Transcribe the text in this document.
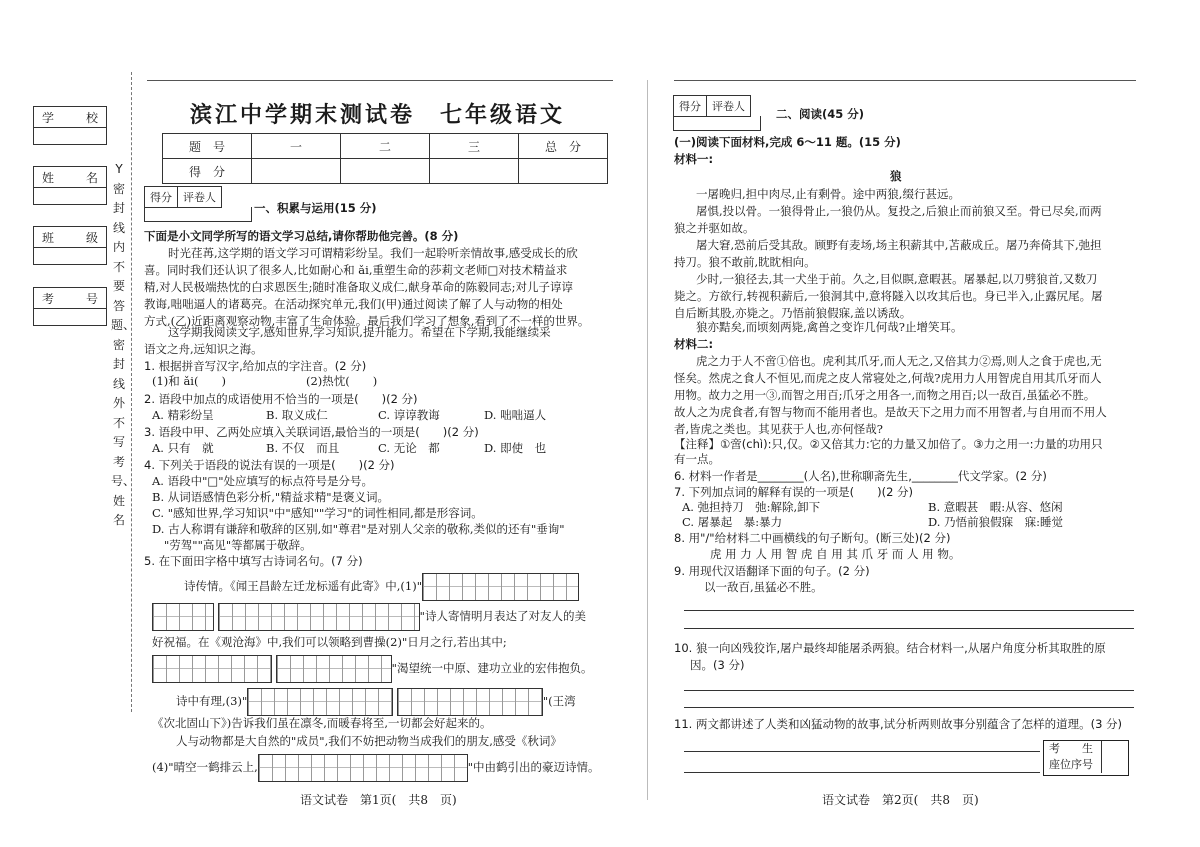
学	校
姓	名
班	级
考	号
Y密封线内不要答题、密封线外不写考号、姓名
滨江中学期末测试卷　七年级语文
题　号	一	二	三	总　分
得　分				
得分 评卷人
一、积累与运用(15 分)
下面是小文同学所写的语文学习总结,请你帮助他完善。(8 分)
时光荏苒,这学期的语文学习可谓精彩纷呈。我们一起聆听亲情故事,感受成长的欣
喜。同时我们还认识了很多人,比如耐心和 ǎi,重塑生命的莎莉文老师□对技术精益求
精,对人民极端热忱的白求恩医生;随时准备取义成仁,献身革命的陈毅同志;对儿子谆谆
教诲,咄咄逼人的诸葛亮。在活动探究单元,我们(甲)通过阅读了解了人与动物的相处
方式,(乙)近距离观察动物,丰富了生命体验。最后我们学习了想象,看到了不一样的世界。
这学期我阅读文字,感知世界,学习知识,提升能力。希望在下学期,我能继续采
语文之舟,远知识之海。
1. 根据拼音写汉字,给加点的字注音。(2 分)
(1)和 ǎi(　　)	(2)热忱(　　)
2. 语段中加点的成语使用不恰当的一项是(　　)(2 分)
A. 精彩纷呈	B. 取义成仁	C. 谆谆教诲	D. 咄咄逼人
3. 语段中甲、乙两处应填入关联词语,最恰当的一项是(　　)(2 分)
A. 只有　就	B. 不仅　而且	C. 无论　都	D. 即使　也
4. 下列关于语段的说法有误的一项是(　　)(2 分)
A. 语段中"□"处应填写的标点符号是分号。
B. 从词语感情色彩分析,"精益求精"是褒义词。
C. "感知世界,学习知识"中"感知""学习"的词性相同,都是形容词。
D. 古人称谓有谦辞和敬辞的区别,如"尊君"是对别人父亲的敬称,类似的还有"垂询"
"劳驾""高见"等都属于敬辞。
5. 在下面田字格中填写古诗词名句。(7 分)
诗传情。《闻王昌龄左迁龙标遥有此寄》中,(1)"
"诗人寄情明月表达了对友人的美
好祝福。在《观沧海》中,我们可以领略到曹操(2)"日月之行,若出其中;
"渴望统一中原、建功立业的宏伟抱负。
诗中有理,(3)"	"(王湾
《次北固山下》)告诉我们虽在凛冬,而暖春将至,一切都会好起来的。
人与动物都是大自然的"成员",我们不妨把动物当成我们的朋友,感受《秋词》
(4)"晴空一鹤排云上,	"中由鹤引出的豪迈诗情。
语文试卷　第1页(　共8　页)
得分 评卷人
二、阅读(45 分)
(一)阅读下面材料,完成 6～11 题。(15 分)
材料一:
狼
一屠晚归,担中肉尽,止有剩骨。途中两狼,缀行甚远。
屠惧,投以骨。一狼得骨止,一狼仍从。复投之,后狼止而前狼又至。骨已尽矣,而两
狼之并驱如故。
屠大窘,恐前后受其敌。顾野有麦场,场主积薪其中,苫蔽成丘。屠乃奔倚其下,弛担
持刀。狼不敢前,眈眈相向。
少时,一狼径去,其一犬坐于前。久之,目似瞑,意暇甚。屠暴起,以刀劈狼首,又数刀
毙之。方欲行,转视积薪后,一狼洞其中,意将隧入以攻其后也。身已半入,止露尻尾。屠
自后断其股,亦毙之。乃悟前狼假寐,盖以诱敌。
狼亦黠矣,而顷刻两毙,禽兽之变诈几何哉?止增笑耳。
材料二:
虎之力于人不啻①倍也。虎利其爪牙,而人无之,又倍其力②焉,则人之食于虎也,无
怪矣。然虎之食人不恒见,而虎之皮人常寝处之,何哉?虎用力人用智虎自用其爪牙而人
用物。故力之用一③,而智之用百;爪牙之用各一,而物之用百;以一敌百,虽猛必不胜。
故人之为虎食者,有智与物而不能用者也。是故天下之用力而不用智者,与自用而不用人
者,皆虎之类也。其见获于人也,亦何怪哉?
【注释】①啻(chì):只,仅。②又倍其力:它的力量又加倍了。③力之用一:力量的功用只
有一点。
6. 材料一作者是________(人名),世称聊斋先生,________代文学家。(2 分)
7. 下列加点词的解释有误的一项是(　　)(2 分)
A. 弛担持刀　弛:解除,卸下	B. 意暇甚　暇:从容、悠闲
C. 屠暴起　暴:暴力	D. 乃悟前狼假寐　寐:睡觉
8. 用"/"给材料二中画横线的句子断句。(断三处)(2 分)
虎 用 力 人 用 智 虎 自 用 其 爪 牙 而 人 用 物。
9. 用现代汉语翻译下面的句子。(2 分)
以一敌百,虽猛必不胜。
10. 狼一向凶残狡诈,屠户最终却能屠杀两狼。结合材料一,从屠户角度分析其取胜的原
因。(3 分)
11. 两文都讲述了人类和凶猛动物的故事,试分析两则故事分别蕴含了怎样的道理。(3 分)
考　　生
座位序号
语文试卷　第2页(　共8　页)
